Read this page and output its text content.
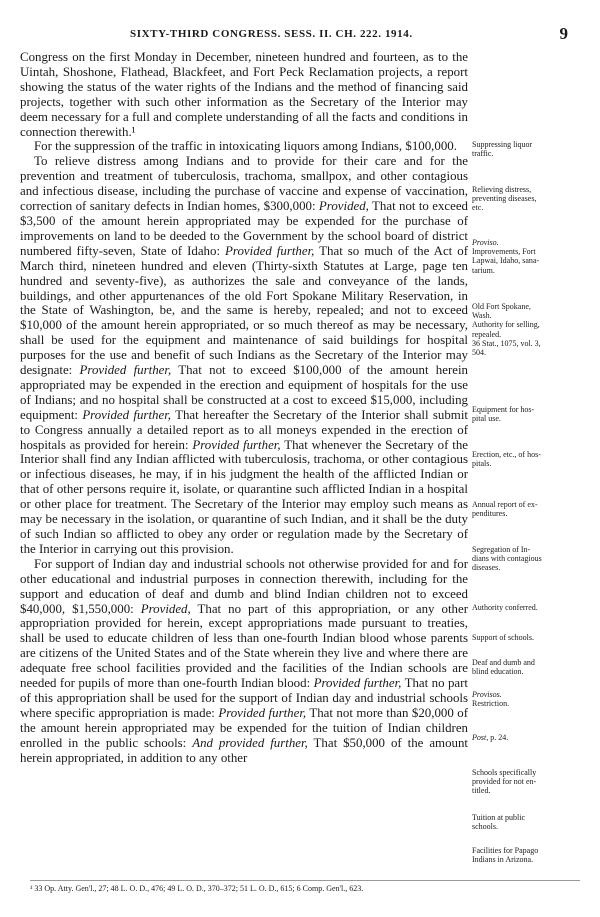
SIXTY-THIRD CONGRESS. SESS. II. CH. 222. 1914.	9

Congress on the first Monday in December, nineteen hundred and fourteen, as to the Uintah, Shoshone, Flathead, Blackfeet, and Fort Peck Reclamation projects, a report showing the status of the water rights of the Indians and the method of financing said projects, together with such other information as the Secretary of the Interior may deem necessary for a full and complete understanding of all the facts and conditions in connection therewith.¹

For the suppression of the traffic in intoxicating liquors among Indians, $100,000.

To relieve distress among Indians and to provide for their care and for the prevention and treatment of tuberculosis, trachoma, smallpox, and other contagious and infectious disease, including the purchase of vaccine and expense of vaccination, correction of sanitary defects in Indian homes, $300,000: Provided, That not to exceed $3,500 of the amount herein appropriated may be expended for the purchase of improvements on land to be deeded to the Government by the school board of district numbered fifty-seven, State of Idaho: Provided further, That so much of the Act of March third, nineteen hundred and eleven (Thirty-sixth Statutes at Large, page ten hundred and seventy-five), as authorizes the sale and conveyance of the lands, buildings, and other appurtenances of the old Fort Spokane Military Reservation, in the State of Washington, be, and the same is hereby, repealed; and not to exceed $10,000 of the amount herein appropriated, or so much thereof as may be necessary, shall be used for the equipment and maintenance of said buildings for hospital purposes for the use and benefit of such Indians as the Secretary of the Interior may designate: Provided further, That not to exceed $100,000 of the amount herein appropriated may be expended in the erection and equipment of hospitals for the use of Indians; and no hospital shall be constructed at a cost to exceed $15,000, including equipment: Provided further, That hereafter the Secretary of the Interior shall submit to Congress annually a detailed report as to all moneys expended in the erection of hospitals as provided for herein: Provided further, That whenever the Secretary of the Interior shall find any Indian afflicted with tuberculosis, trachoma, or other contagious or infectious diseases, he may, if in his judgment the health of the afflicted Indian or that of other persons require it, isolate, or quarantine such afflicted Indian in a hospital or other place for treatment. The Secretary of the Interior may employ such means as may be necessary in the isolation, or quarantine of such Indian, and it shall be the duty of such Indian so afflicted to obey any order or regulation made by the Secretary of the Interior in carrying out this provision.

For support of Indian day and industrial schools not otherwise provided for and for other educational and industrial purposes in connection therewith, including for the support and education of deaf and dumb and blind Indian children not to exceed $40,000, $1,550,000: Provided, That no part of this appropriation, or any other appropriation provided for herein, except appropriations made pursuant to treaties, shall be used to educate children of less than one-fourth Indian blood whose parents are citizens of the United States and of the State wherein they live and where there are adequate free school facilities provided and the facilities of the Indian schools are needed for pupils of more than one-fourth Indian blood: Provided further, That no part of this appropriation shall be used for the support of Indian day and industrial schools where specific appropriation is made: Provided further, That not more than $20,000 of the amount herein appropriated may be expended for the tuition of Indian children enrolled in the public schools: And provided further, That $50,000 of the amount herein appropriated, in addition to any other

Suppressing liquor
traffic.
Relieving distress,
preventing diseases,
etc.
Proviso.
Improvements, Fort
Lapwai, Idaho, sana-
tarium.
Old Fort Spokane,
Wash.
Authority for selling,
repealed.
36 Stat., 1075, vol. 3,
504.
Equipment for hos-
pital use.
Erection, etc., of hos-
pitals.
Annual report of ex-
penditures.
Segregation of In-
dians with contagious
diseases.
Authority conferred.
Support of schools.
Deaf and dumb and
blind education.
Provisos.
Restriction.
Post, p. 24.
Schools specifically
provided for not en-
titled.
Tuition at public
schools.
Facilities for Papago
Indians in Arizona.
¹ 33 Op. Atty. Gen'l., 27; 48 L. O. D., 476; 49 L. O. D., 370–372; 51 L. O. D., 615; 6 Comp. Gen'l., 623.
